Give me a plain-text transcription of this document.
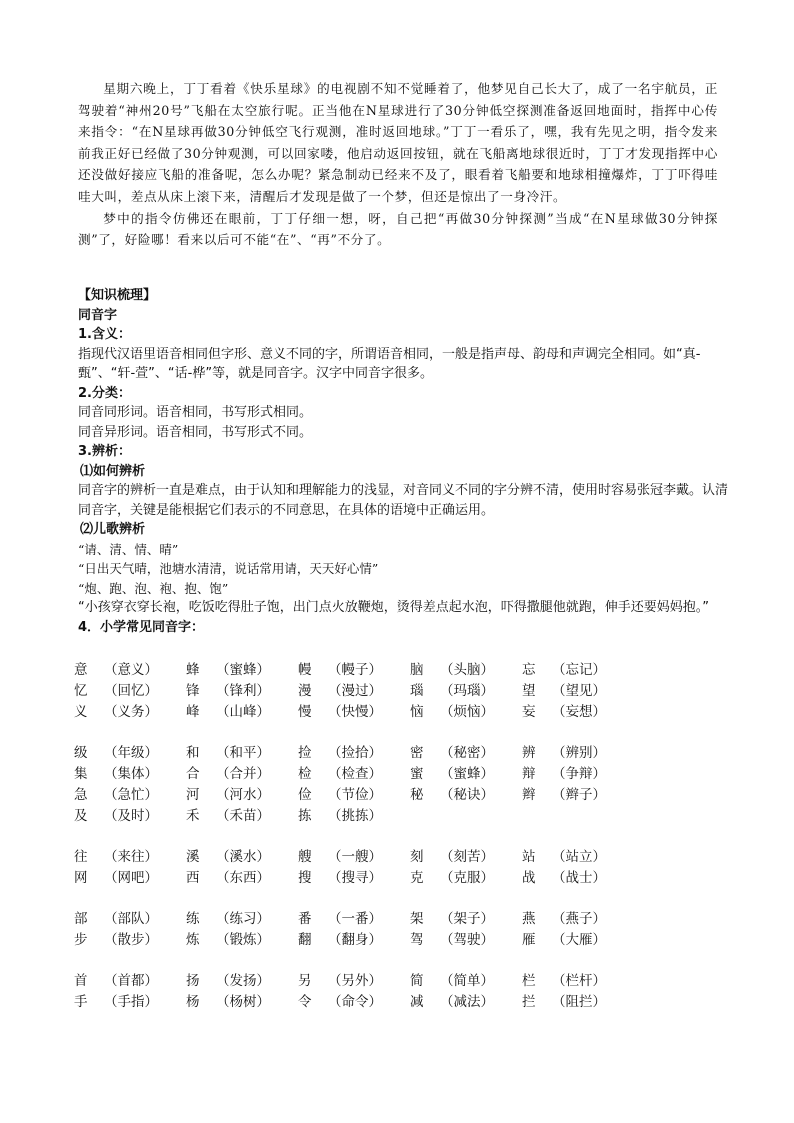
星期六晚上，丁丁看着《快乐星球》的电视剧不知不觉睡着了，他梦见自己长大了，成了一名宇航员，正驾驶着“神州20号”飞船在太空旅行呢。正当他在N星球进行了30分钟低空探测准备返回地面时，指挥中心传来指令：“在N星球再做30分钟低空飞行观测，准时返回地球。”丁丁一看乐了，嘿，我有先见之明，指令发来前我正好已经做了30分钟观测，可以回家喽，他启动返回按钮，就在飞船离地球很近时，丁丁才发现指挥中心还没做好接应飞船的准备呢，怎么办呢？紧急制动已经来不及了，眼看着飞船要和地球相撞爆炸，丁丁吓得哇哇大叫，差点从床上滚下来，清醒后才发现是做了一个梦，但还是惊出了一身冷汗。

梦中的指令仿佛还在眼前，丁丁仔细一想，呀，自己把“再做30分钟探测”当成“在N星球做30分钟探测”了，好险哪！看来以后可不能“在”、“再”不分了。

【知识梳理】
同音字
1.含义：
指现代汉语里语音相同但字形、意义不同的字，所谓语音相同，一般是指声母、韵母和声调完全相同。如“真-甄”、“轩-萱”、“话-桦”等，就是同音字。汉字中同音字很多。
2.分类：
同音同形词。语音相同，书写形式相同。
同音异形词。语音相同，书写形式不同。
3.辨析：
⑴如何辨析
同音字的辨析一直是难点，由于认知和理解能力的浅显，对音同义不同的字分辨不清，使用时容易张冠李戴。认清同音字，关键是能根据它们表示的不同意思，在具体的语境中正确运用。
⑵儿歌辨析
“请、清、情、晴”
“日出天气晴，池塘水清清，说话常用请，天天好心情”
“炮、跑、泡、袍、抱、饱”
“小孩穿衣穿长袍，吃饭吃得肚子饱，出门点火放鞭炮，烫得差点起水泡，吓得撒腿他就跑，伸手还要妈妈抱。”
4．小学常见同音字：
意 （意义） 蜂 （蜜蜂） 幔 （幔子） 脑 （头脑） 忘 （忘记）
忆 （回忆） 锋 （锋利） 漫 （漫过） 瑙 （玛瑙） 望 （望见）
义 （义务） 峰 （山峰） 慢 （快慢） 恼 （烦恼） 妄 （妄想）
级 （年级） 和 （和平） 捡 （捡拾） 密 （秘密） 辨 （辨别）
集 （集体） 合 （合并） 检 （检查） 蜜 （蜜蜂） 辩 （争辩）
急 （急忙） 河 （河水） 俭 （节俭） 秘 （秘诀） 辫 （辫子）
及 （及时） 禾 （禾苗） 拣 （挑拣）
往 （来往） 溪 （溪水） 艘 （一艘） 刻 （刻苦） 站 （站立）
网 （网吧） 西 （东西） 搜 （搜寻） 克 （克服） 战 （战士）
部 （部队） 练 （练习） 番 （一番） 架 （架子） 燕 （燕子）
步 （散步） 炼 （锻炼） 翻 （翻身） 驾 （驾驶） 雁 （大雁）
首 （首都） 扬 （发扬） 另 （另外） 简 （简单） 栏 （栏杆）
手 （手指） 杨 （杨树） 令 （命令） 减 （减法） 拦 （阻拦）
